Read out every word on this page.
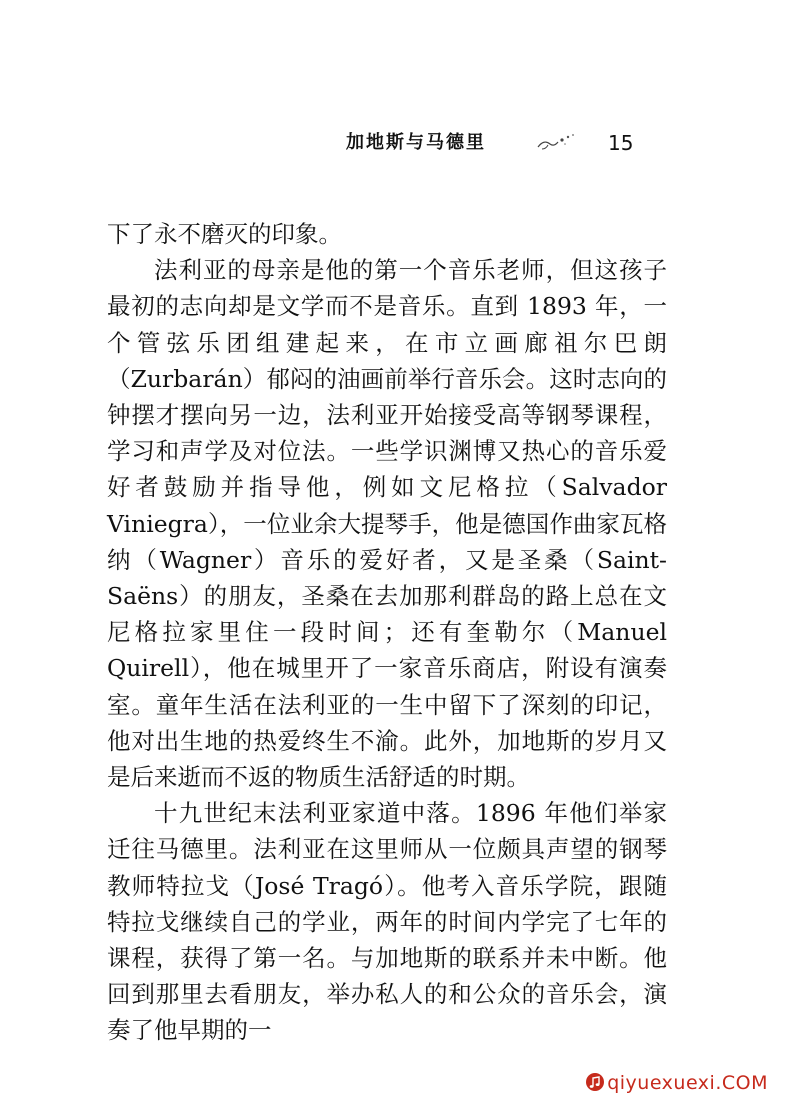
加地斯与马德里	15

下了永不磨灭的印象。

法利亚的母亲是他的第一个音乐老师，但这孩子最初的志向却是文学而不是音乐。直到 1893 年，一个管弦乐团组建起来，在市立画廊祖尔巴朗（Zurbarán）郁闷的油画前举行音乐会。这时志向的钟摆才摆向另一边，法利亚开始接受高等钢琴课程，学习和声学及对位法。一些学识渊博又热心的音乐爱好者鼓励并指导他，例如文尼格拉（Salvador Viniegra），一位业余大提琴手，他是德国作曲家瓦格纳（Wagner）音乐的爱好者，又是圣桑（Saint-Saëns）的朋友，圣桑在去加那利群岛的路上总在文尼格拉家里住一段时间；还有奎勒尔（Manuel Quirell），他在城里开了一家音乐商店，附设有演奏室。童年生活在法利亚的一生中留下了深刻的印记，他对出生地的热爱终生不渝。此外，加地斯的岁月又是后来逝而不返的物质生活舒适的时期。

十九世纪末法利亚家道中落。1896 年他们举家迁往马德里。法利亚在这里师从一位颇具声望的钢琴教师特拉戈（José Tragó）。他考入音乐学院，跟随特拉戈继续自己的学业，两年的时间内学完了七年的课程，获得了第一名。与加地斯的联系并未中断。他回到那里去看朋友，举办私人的和公众的音乐会，演奏了他早期的一

qiyuexuexi.COM
